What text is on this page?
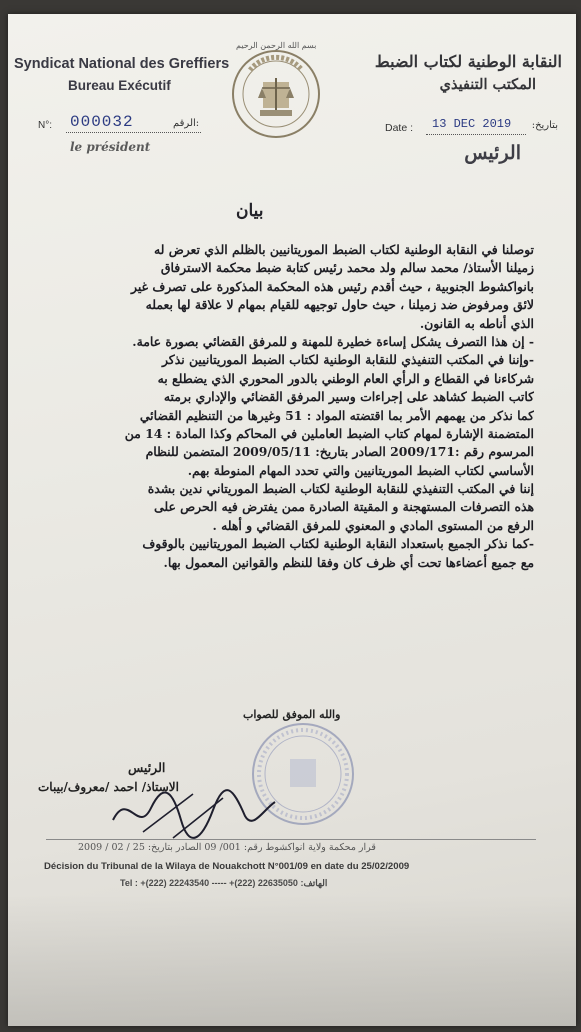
Syndicat National des Greffiers
Bureau Exécutif
النقابة الوطنية لكتاب الضبط
المكتب التنفيذي
بسم الله الرحمن الرحيم
N°: 000032	الرقم:
le président
Date : 13 DEC 2019 بتاريخ:
الرئيس
بيان
توصلنا في النقابة الوطنية لكتاب الضبط الموريتانيين بالظلم الذي تعرض له
زميلنا الأستاذ/ محمد سالم ولد محمد رئيس كتابة ضبط محكمة الاسترفاق
بانواكشوط الجنوبية ، حيث أقدم رئيس هذه المحكمة المذكورة على تصرف غير
لائق ومرفوض ضد زميلنا ، حيث حاول توجيهه للقيام بمهام لا علاقة لها بعمله
الذي أناطه به القانون.
- إن هذا التصرف يشكل إساءة خطيرة للمهنة و للمرفق القضائي بصورة عامة.
-وإننا في المكتب التنفيذي للنقابة الوطنية لكتاب الضبط الموريتانيين نذكر
شركاءنا في القطاع و الرأي العام الوطني بالدور المحوري الذي يضطلع به
كاتب الضبط كشاهد على إجراءات وسير المرفق القضائي والإداري برمته
كما نذكر من يهمهم الأمر بما اقتضته المواد : 51 وغيرها من التنظيم القضائي
المتضمنة الإشارة لمهام كتاب الضبط العاملين في المحاكم وكذا المادة : 14 من
المرسوم رقم :2009/171 الصادر بتاريخ: 2009/05/11 المتضمن للنظام
الأساسي لكتاب الضبط الموريتانيين والتي تحدد المهام المنوطة بهم.
إننا في المكتب التنفيذي للنقابة الوطنية لكتاب الضبط الموريتاني ندين بشدة
هذه التصرفات المستهجنة و المقيتة الصادرة ممن يفترض فيه الحرص على
الرفع من المستوى المادي و المعنوي للمرفق القضائي و أهله .
-كما نذكر الجميع باستعداد النقابة الوطنية لكتاب الضبط الموريتانيين بالوقوف
مع جميع أعضاءها تحت أي ظرف كان وفقا للنظم والقوانين المعمول بها.
والله الموفق للصواب
الرئيس
الاستاذ/ احمد /معروف/بيبات
قرار محكمة ولاية انواكشوط رقم: 001/ 09 الصادر بتاريخ: 25 / 02 / 2009
Décision du Tribunal de la Wilaya de Nouakchott N°001/09 en date du 25/02/2009
Tel : +(222) 22243540 ----- +(222) 22635050 :الهاتف
